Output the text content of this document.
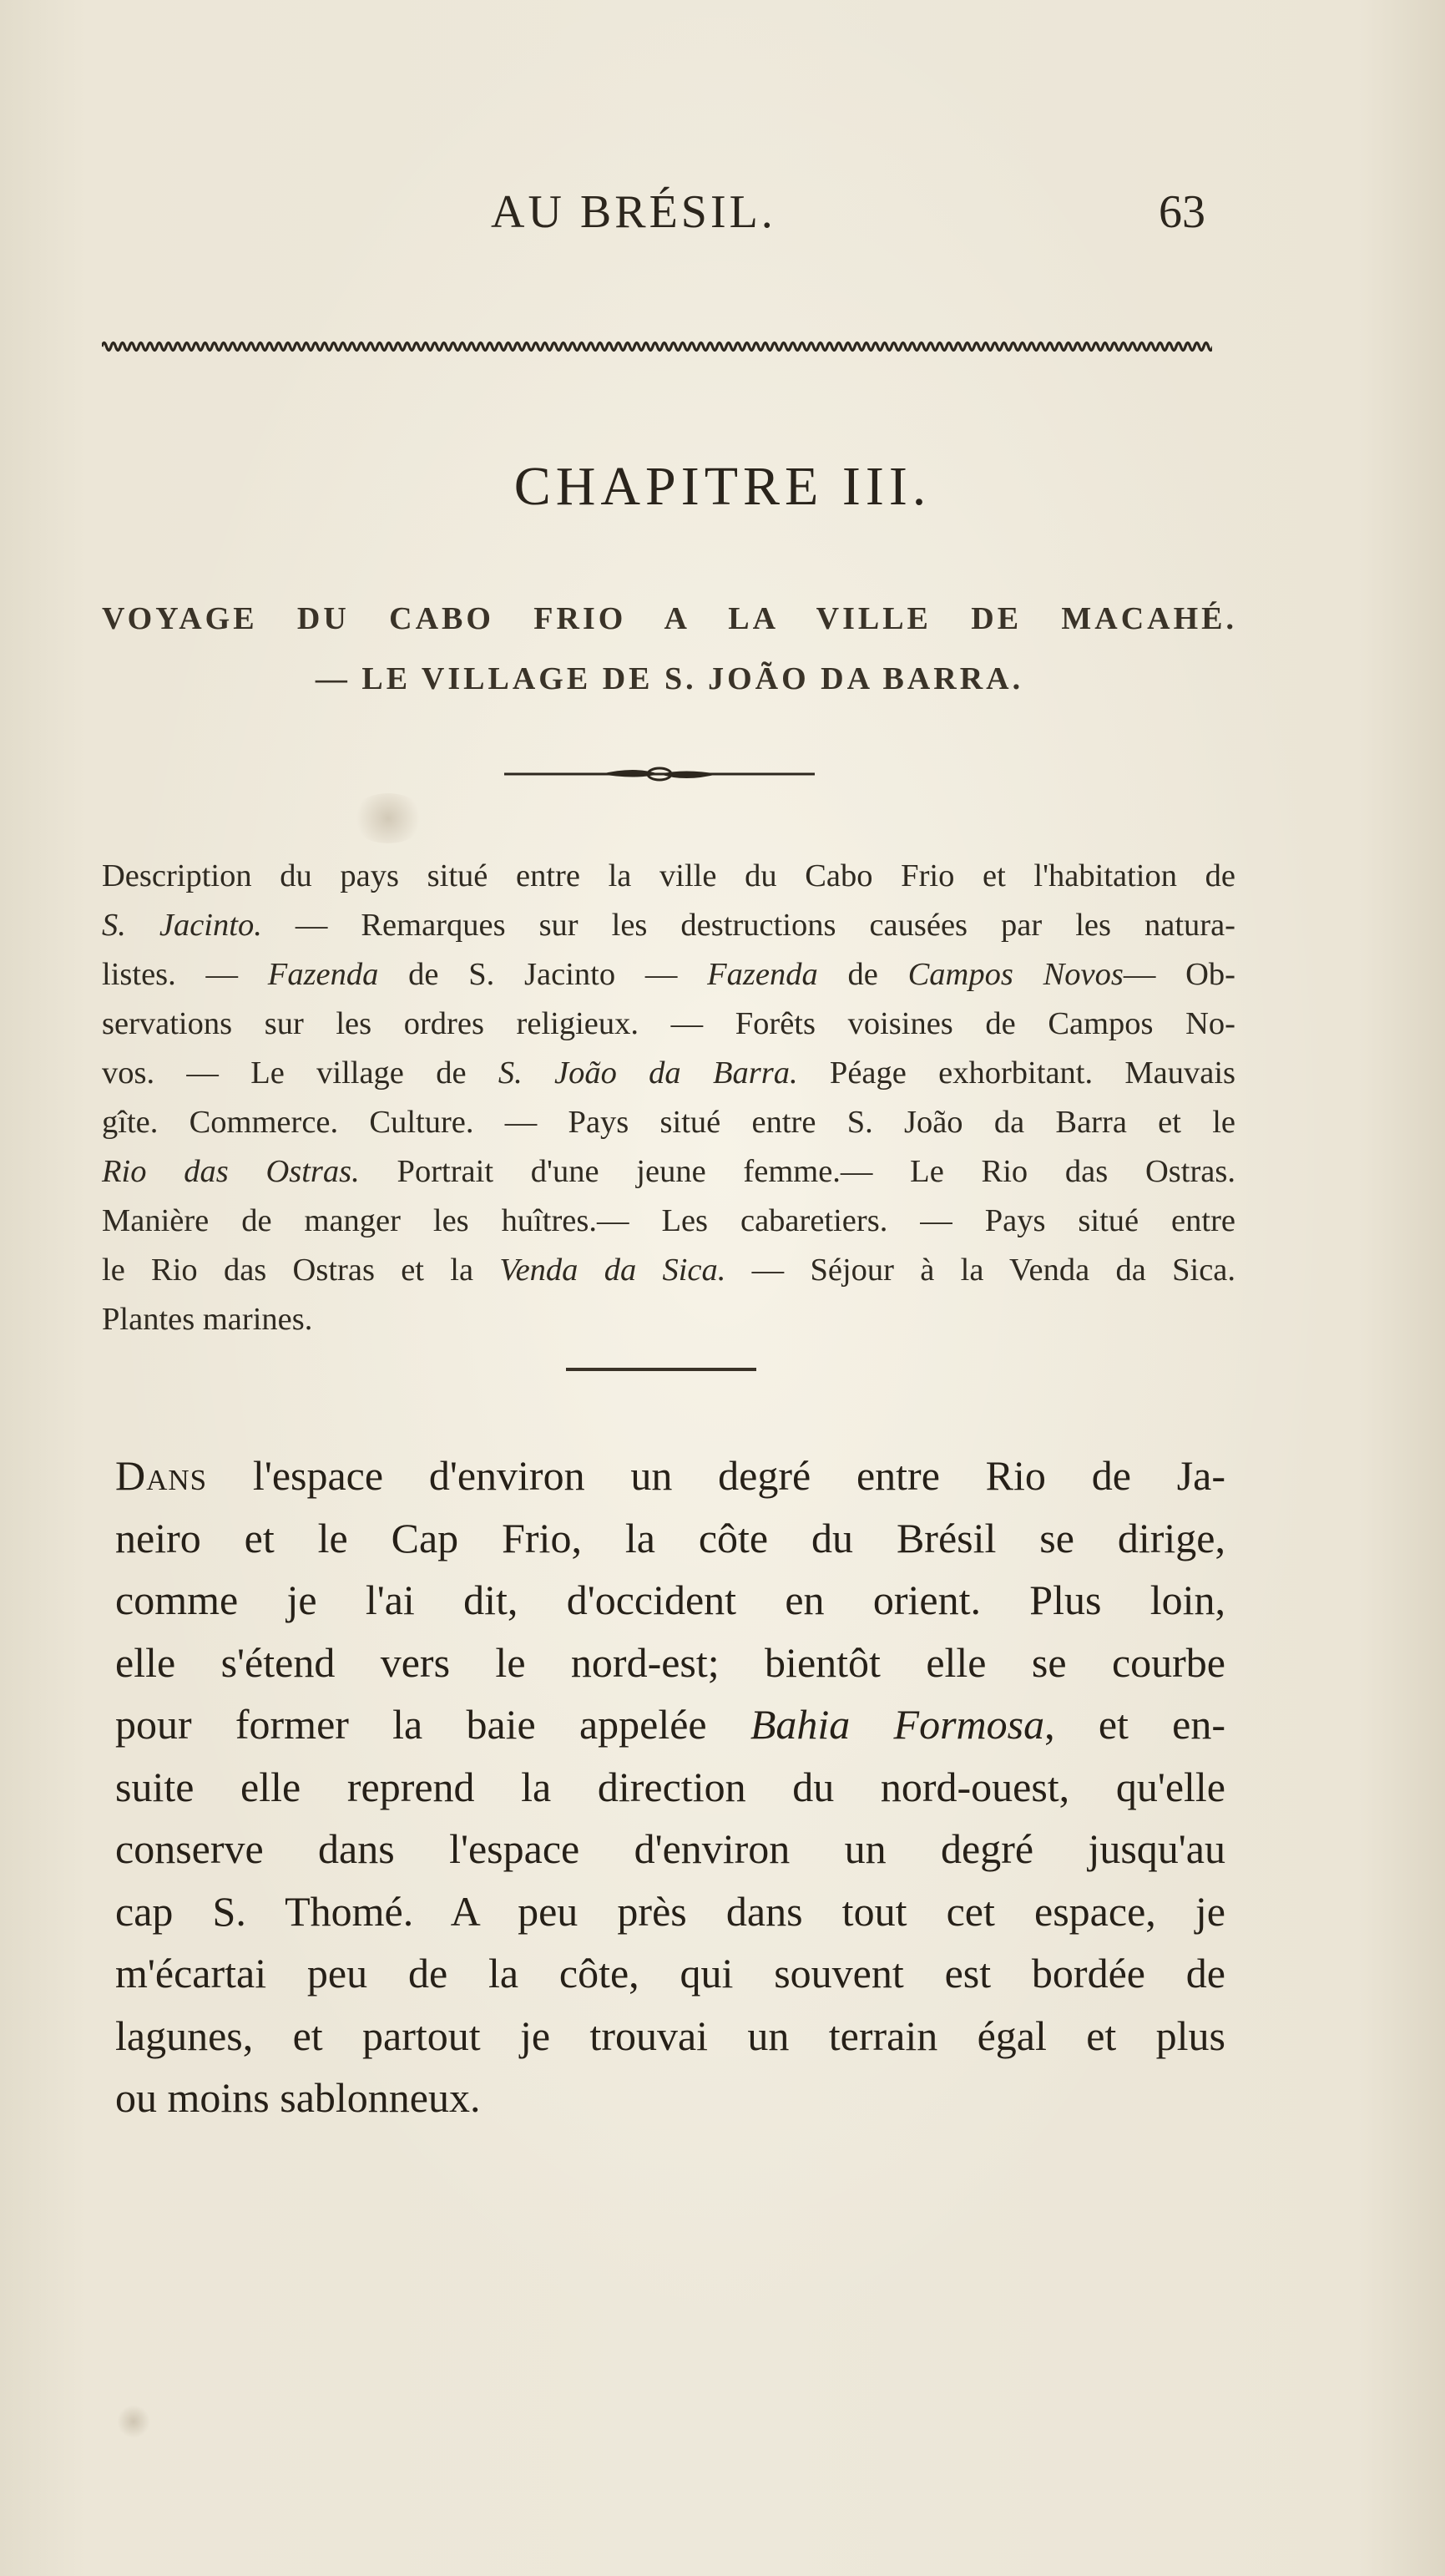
AU BRÉSIL.	63
CHAPITRE III.
VOYAGE DU CABO FRIO A LA VILLE DE MACAHÉ.
— LE VILLAGE DE S. JOÃO DA BARRA.
Description du pays situé entre la ville du Cabo Frio et l'habitation de
S. Jacinto. — Remarques sur les destructions causées par les natura-
listes. — Fazenda de S. Jacinto — Fazenda de Campos Novos— Ob-
servations sur les ordres religieux. — Forêts voisines de Campos No-
vos. — Le village de S. João da Barra. Péage exhorbitant. Mauvais
gîte. Commerce. Culture. — Pays situé entre S. João da Barra et le
Rio das Ostras. Portrait d'une jeune femme.— Le Rio das Ostras.
Manière de manger les huîtres.— Les cabaretiers. — Pays situé entre
le Rio das Ostras et la Venda da Sica. — Séjour à la Venda da Sica.
Plantes marines.
Dans l'espace d'environ un degré entre Rio de Ja-
neiro et le Cap Frio, la côte du Brésil se dirige,
comme je l'ai dit, d'occident en orient. Plus loin,
elle s'étend vers le nord-est; bientôt elle se courbe
pour former la baie appelée Bahia Formosa, et en-
suite elle reprend la direction du nord-ouest, qu'elle
conserve dans l'espace d'environ un degré jusqu'au
cap S. Thomé. A peu près dans tout cet espace, je
m'écartai peu de la côte, qui souvent est bordée de
lagunes, et partout je trouvai un terrain égal et plus
ou moins sablonneux.
